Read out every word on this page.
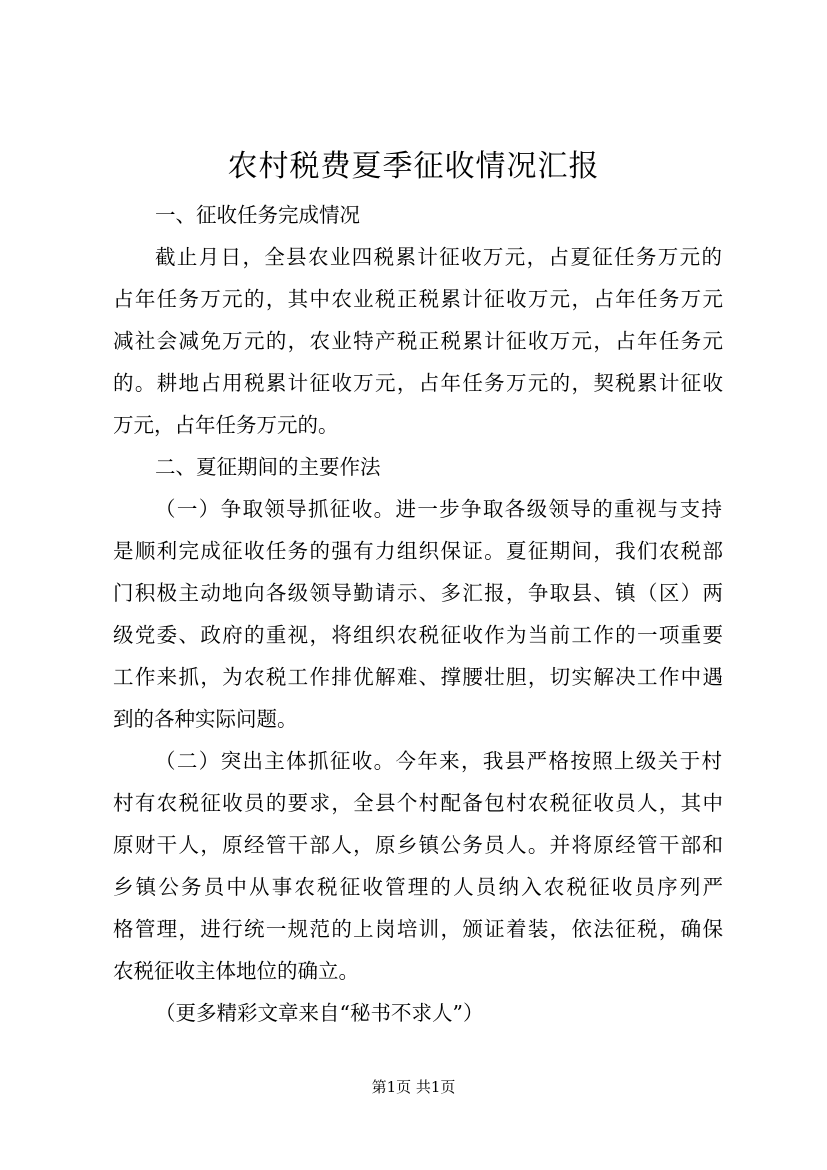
农村税费夏季征收情况汇报
一、征收任务完成情况
截止月日，全县农业四税累计征收万元，占夏征任务万元的
占年任务万元的，其中农业税正税累计征收万元，占年任务万元
减社会减免万元的，农业特产税正税累计征收万元，占年任务元
的。耕地占用税累计征收万元，占年任务万元的，契税累计征收
万元，占年任务万元的。
二、夏征期间的主要作法
（一）争取领导抓征收。进一步争取各级领导的重视与支持
是顺利完成征收任务的强有力组织保证。夏征期间，我们农税部
门积极主动地向各级领导勤请示、多汇报，争取县、镇（区）两
级党委、政府的重视，将组织农税征收作为当前工作的一项重要
工作来抓，为农税工作排优解难、撑腰壮胆，切实解决工作中遇
到的各种实际问题。
（二）突出主体抓征收。今年来，我县严格按照上级关于村
村有农税征收员的要求，全县个村配备包村农税征收员人，其中
原财干人，原经管干部人，原乡镇公务员人。并将原经管干部和
乡镇公务员中从事农税征收管理的人员纳入农税征收员序列严
格管理，进行统一规范的上岗培训，颁证着装，依法征税，确保
农税征收主体地位的确立。
（更多精彩文章来自“秘书不求人”）
第1页 共1页
